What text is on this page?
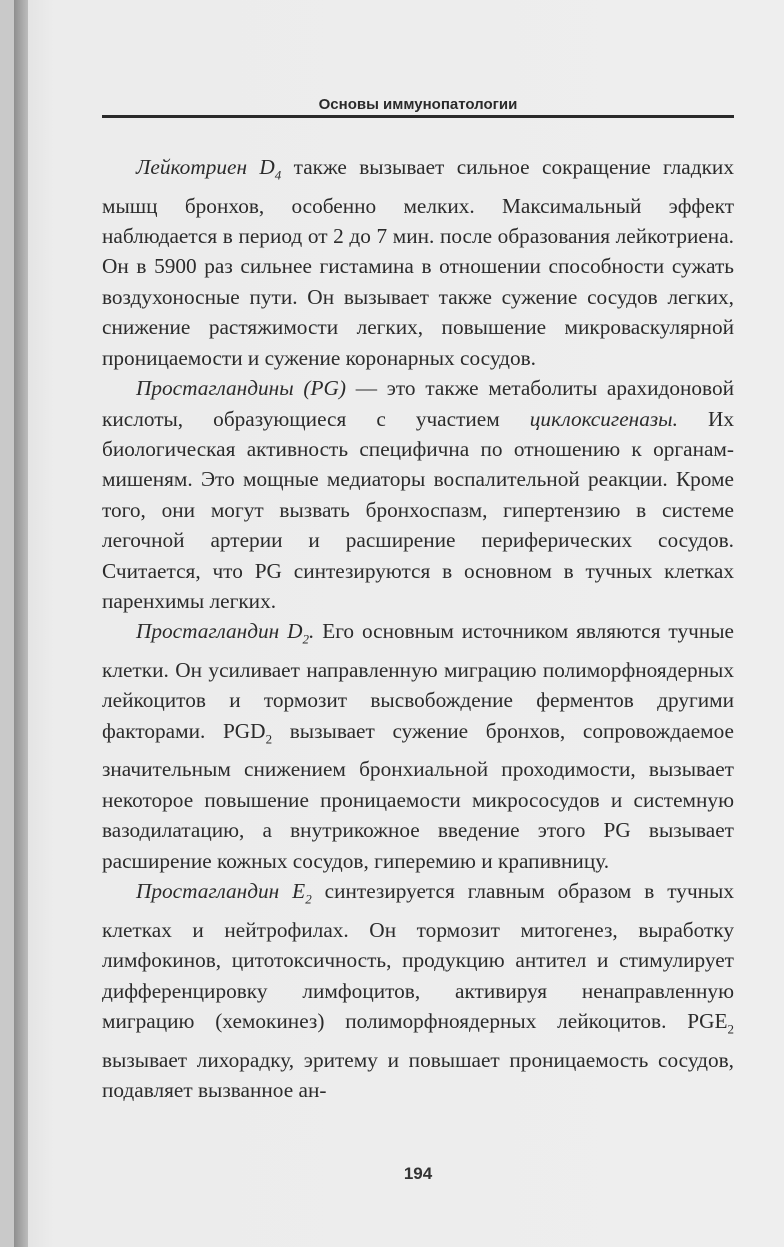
Основы иммунопатологии

Лейкотриен $D_4$ также вызывает сильное сокращение гладких мышц бронхов, особенно мелких. Максимальный эффект наблюдается в период от 2 до 7 мин. после образования лейкотриена. Он в 5900 раз сильнее гистамина в отношении способности сужать воздухоносные пути. Он вызывает также сужение сосудов легких, снижение растяжимости легких, повышение микроваскулярной проницаемости и сужение коронарных сосудов.

Простагландины (PG) — это также метаболиты арахидоновой кислоты, образующиеся с участием циклоксигеназы. Их биологическая активность специфична по отношению к органам-мишеням. Это мощные медиаторы воспалительной реакции. Кроме того, они могут вызвать бронхоспазм, гипертензию в системе легочной артерии и расширение периферических сосудов. Считается, что PG синтезируются в основном в тучных клетках паренхимы легких.

Простагландин $D_2$. Его основным источником являются тучные клетки. Он усиливает направленную миграцию полиморфноядерных лейкоцитов и тормозит высвобождение ферментов другими факторами. $PGD_2$ вызывает сужение бронхов, сопровождаемое значительным снижением бронхиальной проходимости, вызывает некоторое повышение проницаемости микрососудов и системную вазодилатацию, а внутрикожное введение этого PG вызывает расширение кожных сосудов, гиперемию и крапивницу.

Простагландин $E_2$ синтезируется главным образом в тучных клетках и нейтрофилах. Он тормозит митогенез, выработку лимфокинов, цитотоксичность, продукцию антител и стимулирует дифференцировку лимфоцитов, активируя ненаправленную миграцию (хемокинез) полиморфноядерных лейкоцитов. $PGE_2$ вызывает лихорадку, эритему и повышает проницаемость сосудов, подавляет вызванное ан-

194
